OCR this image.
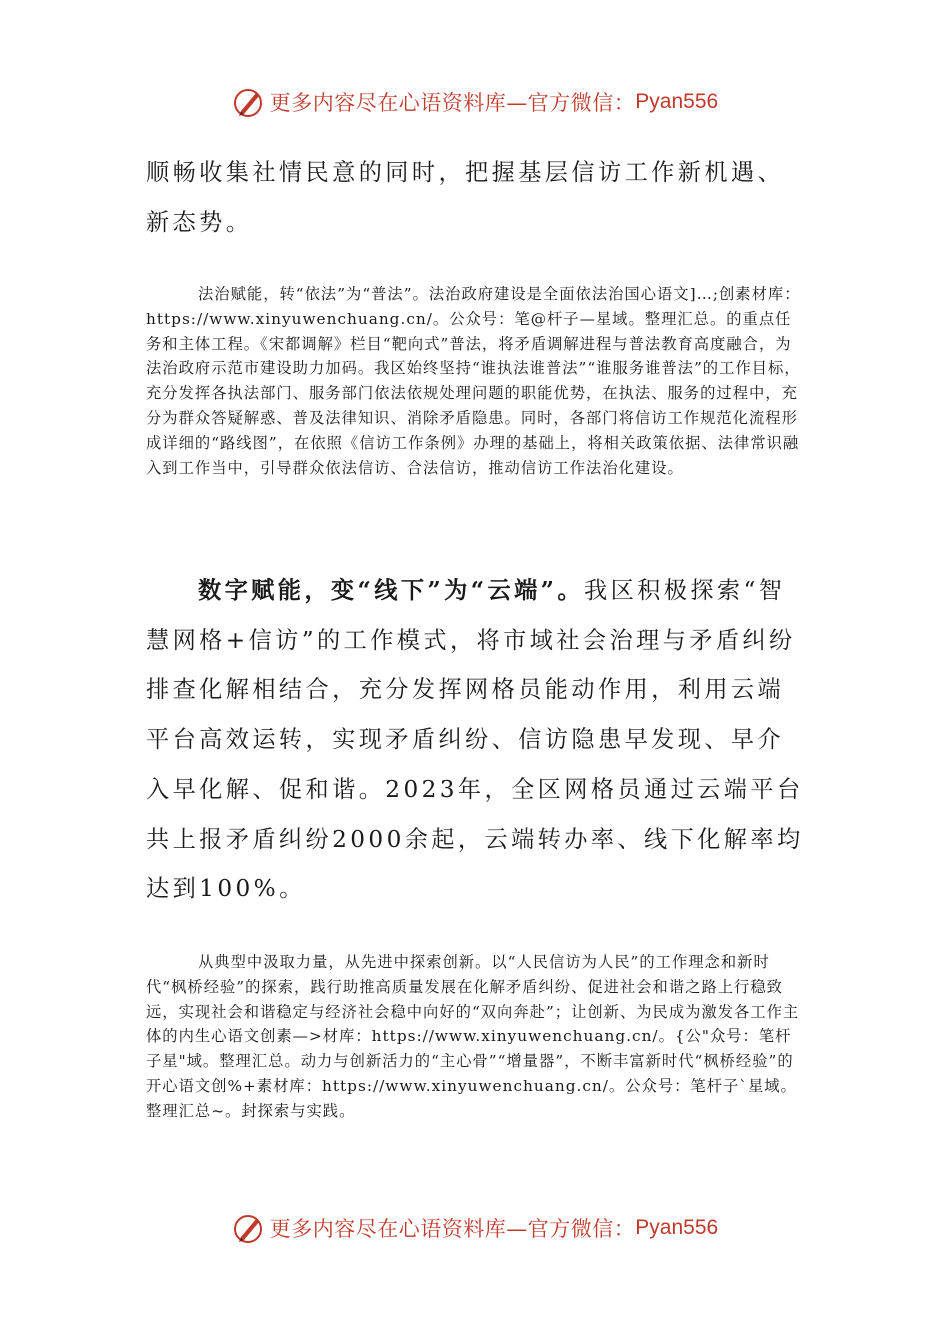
更多内容尽在心语资料库—官方微信： Pyan556

顺畅收集社情民意的同时，把握基层信访工作新机遇、新态势。

法治赋能，转“依法”为“普法”。法治政府建设是全面依法治国心语文]…;创素材库：https://www.xinyuwenchuang.cn/。公众号：笔@杆子—星域。整理汇总。的重点任务和主体工程。《宋都调解》栏目“靶向式”普法，将矛盾调解进程与普法教育高度融合，为法治政府示范市建设助力加码。我区始终坚持“谁执法谁普法”“谁服务谁普法”的工作目标，充分发挥各执法部门、服务部门依法依规处理问题的职能优势，在执法、服务的过程中，充分为群众答疑解惑、普及法律知识、消除矛盾隐患。同时，各部门将信访工作规范化流程形成详细的“路线图”，在依照《信访工作条例》办理的基础上，将相关政策依据、法律常识融入到工作当中，引导群众依法信访、合法信访，推动信访工作法治化建设。

数字赋能，变“线下”为“云端”。我区积极探索“智慧网格+信访”的工作模式，将市域社会治理与矛盾纠纷排查化解相结合，充分发挥网格员能动作用，利用云端平台高效运转，实现矛盾纠纷、信访隐患早发现、早介入早化解、促和谐。2023年，全区网格员通过云端平台共上报矛盾纠纷2000余起，云端转办率、线下化解率均达到100%。

从典型中汲取力量，从先进中探索创新。以“人民信访为人民”的工作理念和新时代“枫桥经验”的探索，践行助推高质量发展在化解矛盾纠纷、促进社会和谐之路上行稳致远，实现社会和谐稳定与经济社会稳中向好的“双向奔赴”；让创新、为民成为激发各工作主体的内生心语文创素—>材库：https://www.xinyuwenchuang.cn/。{公"众号：笔杆子星"域。整理汇总。动力与创新活力的“主心骨”“增量器”，不断丰富新时代“枫桥经验”的开心语文创%+素材库：https://www.xinyuwenchuang.cn/。公众号：笔杆子`星域。整理汇总~。封探索与实践。

更多内容尽在心语资料库—官方微信： Pyan556
